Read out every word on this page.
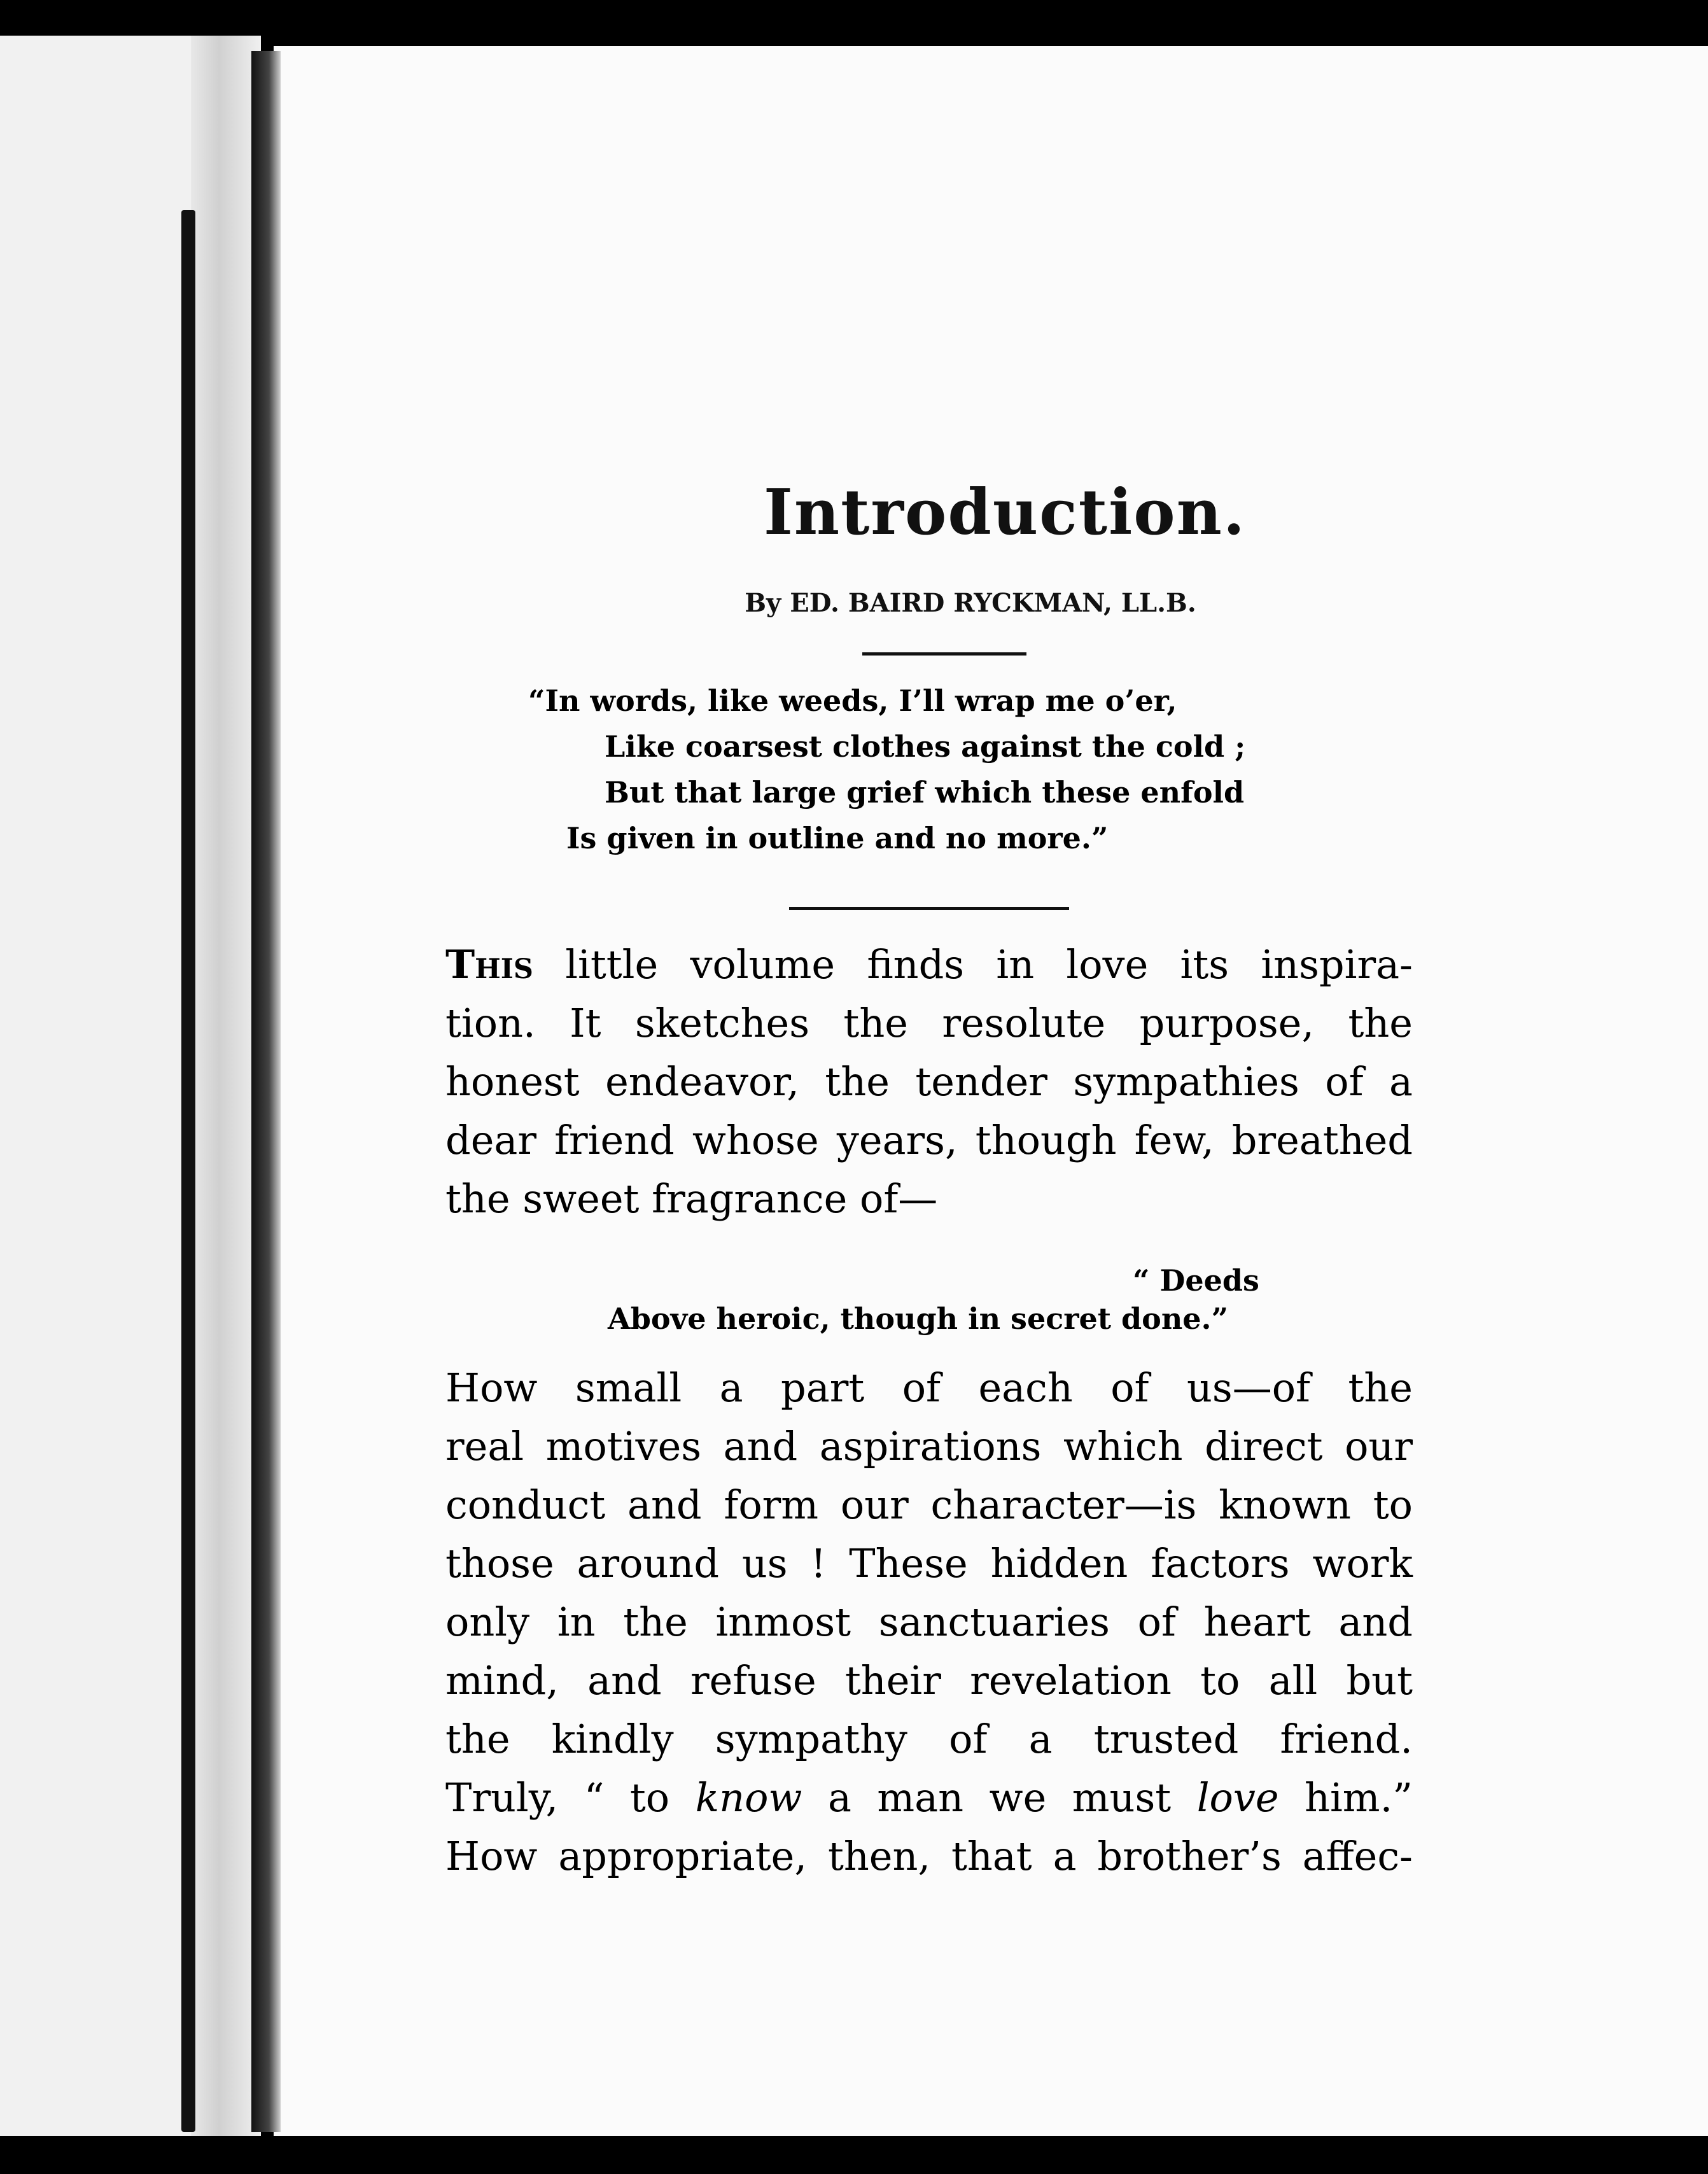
Introduction.
By ED. BAIRD RYCKMAN, LL.B.
“In words, like weeds, I’ll wrap me o’er,
Like coarsest clothes against the cold ;
But that large grief which these enfold
Is given in outline and no more.”
This little volume finds in love its inspira-
tion. It sketches the resolute purpose, the
honest endeavor, the tender sympathies of a
dear friend whose years, though few, breathed
the sweet fragrance of—
“ Deeds
Above heroic, though in secret done.”
How small a part of each of us—of the
real motives and aspirations which direct our
conduct and form our character—is known to
those around us ! These hidden factors work
only in the inmost sanctuaries of heart and
mind, and refuse their revelation to all but
the kindly sympathy of a trusted friend.
Truly, “ to know a man we must love him.”
How appropriate, then, that a brother’s affec-
